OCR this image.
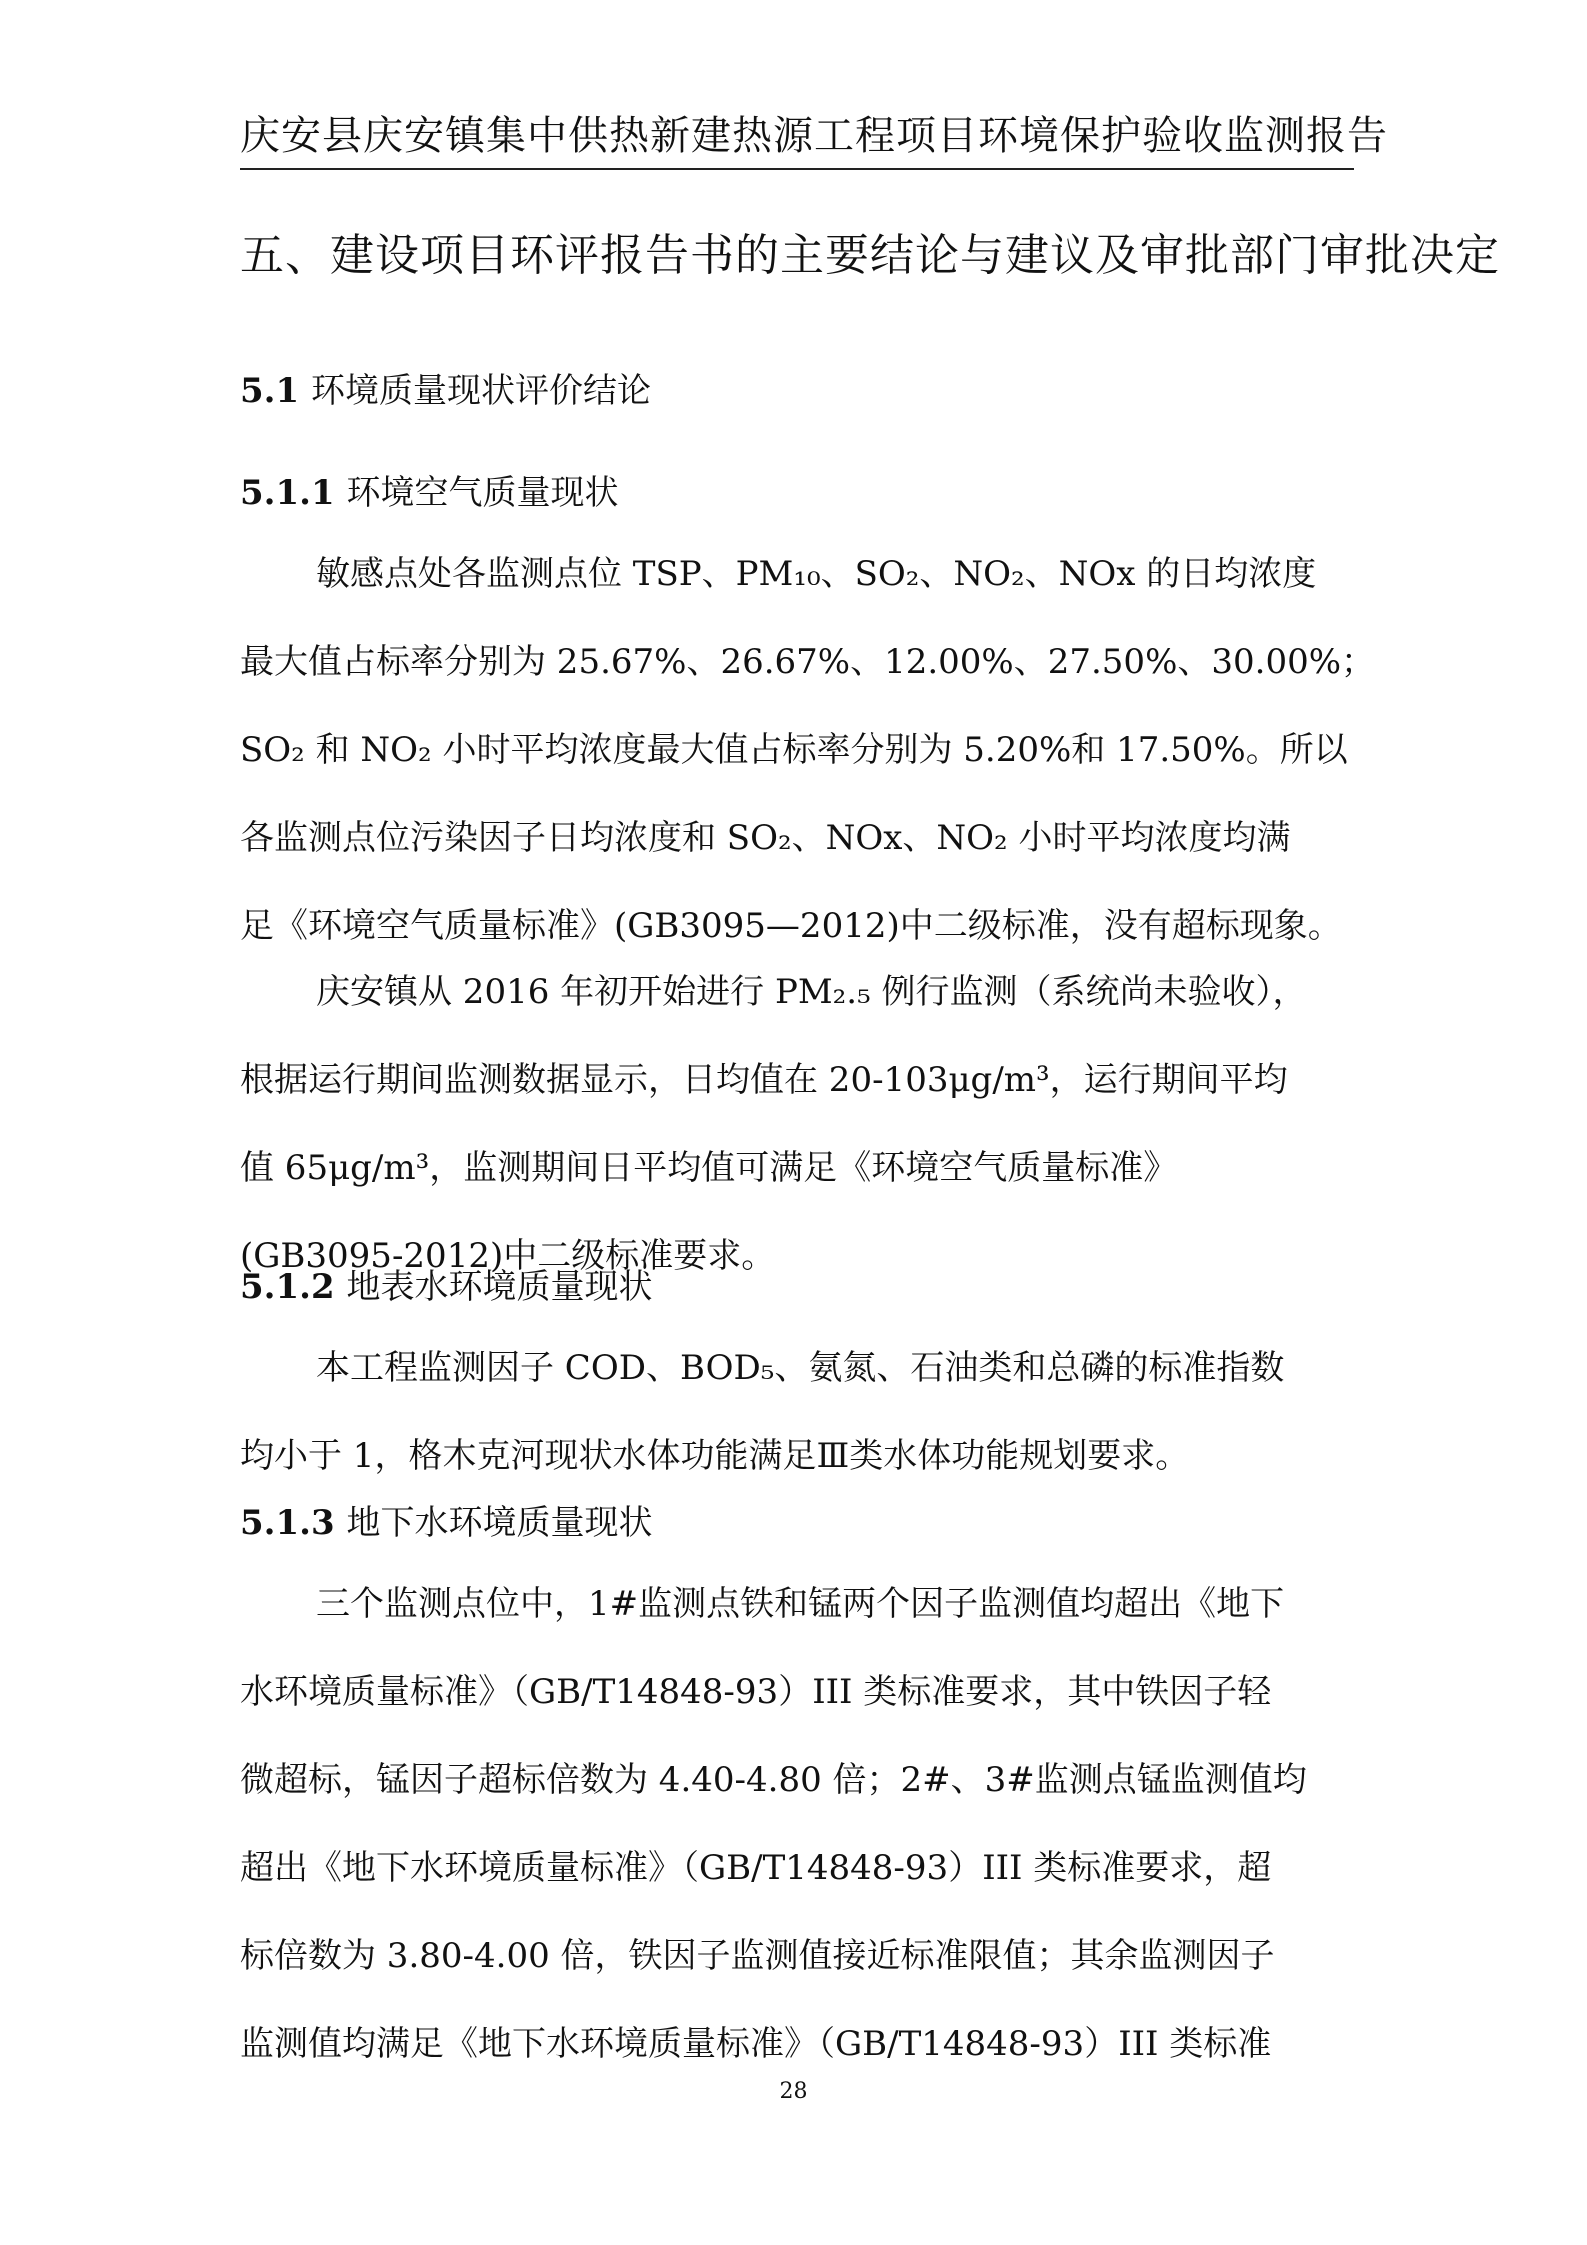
庆安县庆安镇集中供热新建热源工程项目环境保护验收监测报告
五、建设项目环评报告书的主要结论与建议及审批部门审批决定
5.1 环境质量现状评价结论
5.1.1 环境空气质量现状
敏感点处各监测点位 TSP、PM₁₀、SO₂、NO₂、NOx 的日均浓度
最大值占标率分别为 25.67%、26.67%、12.00%、27.50%、30.00%；
SO₂ 和 NO₂ 小时平均浓度最大值占标率分别为 5.20%和 17.50%。所以
各监测点位污染因子日均浓度和 SO₂、NOx、NO₂ 小时平均浓度均满
足《环境空气质量标准》(GB3095—2012)中二级标准，没有超标现象。
庆安镇从 2016 年初开始进行 PM₂.₅ 例行监测（系统尚未验收），
根据运行期间监测数据显示，日均值在 20-103μg/m³，运行期间平均
值 65μg/m³，监测期间日平均值可满足《环境空气质量标准》
(GB3095-2012)中二级标准要求。
5.1.2 地表水环境质量现状
本工程监测因子 COD、BOD₅、氨氮、石油类和总磷的标准指数
均小于 1，格木克河现状水体功能满足Ⅲ类水体功能规划要求。
5.1.3 地下水环境质量现状
三个监测点位中，1#监测点铁和锰两个因子监测值均超出《地下
水环境质量标准》（GB/T14848-93）III 类标准要求，其中铁因子轻
微超标，锰因子超标倍数为 4.40-4.80 倍；2#、3#监测点锰监测值均
超出《地下水环境质量标准》（GB/T14848-93）III 类标准要求，超
标倍数为 3.80-4.00 倍，铁因子监测值接近标准限值；其余监测因子
监测值均满足《地下水环境质量标准》（GB/T14848-93）III 类标准
28
